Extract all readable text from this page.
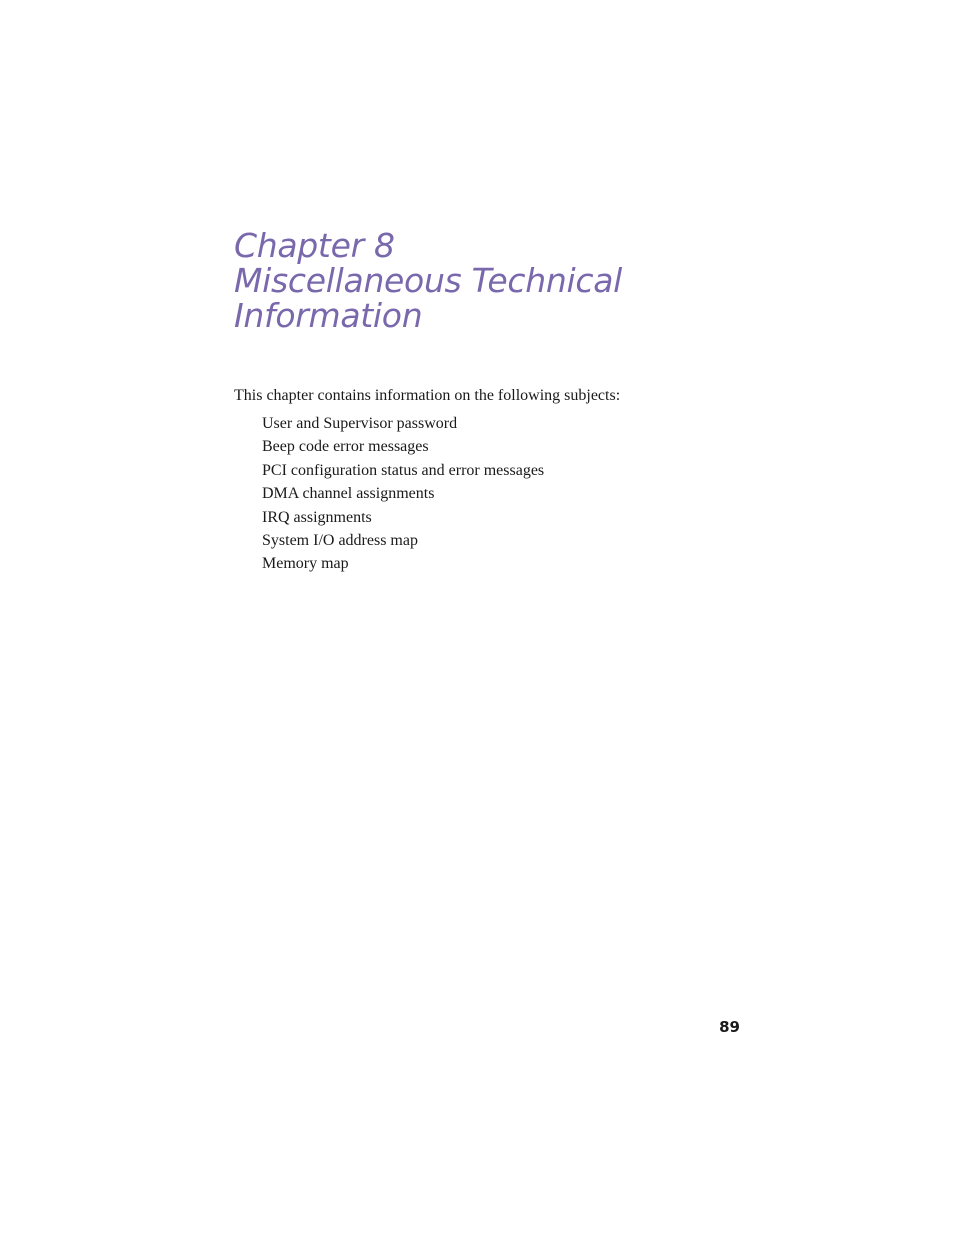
Chapter 8
Miscellaneous Technical
Information

This chapter contains information on the following subjects:

User and Supervisor password
Beep code error messages
PCI configuration status and error messages
DMA channel assignments
IRQ assignments
System I/O address map
Memory map
89
